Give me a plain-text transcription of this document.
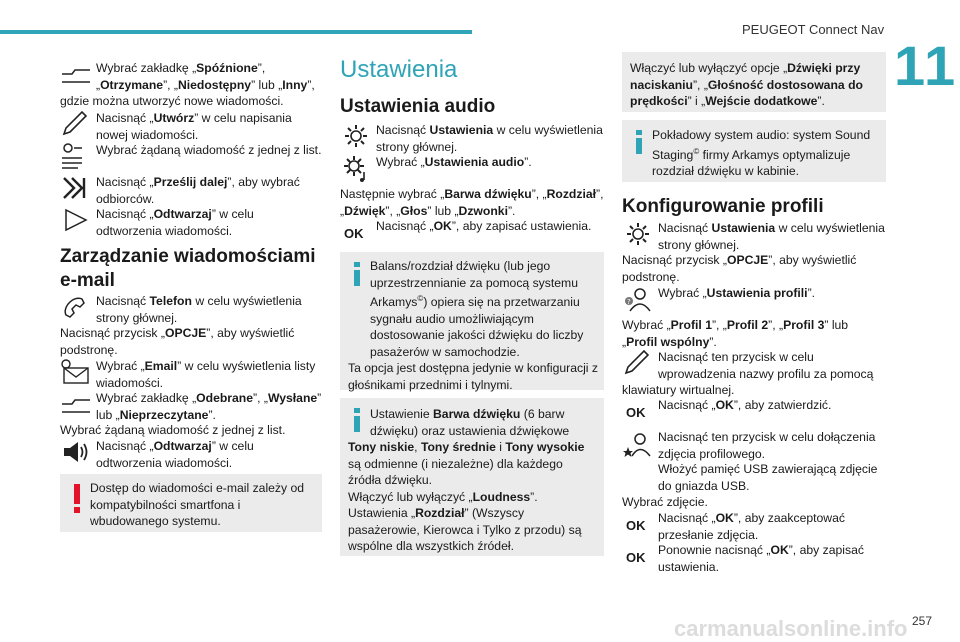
PEUGEOT Connect Nav
11
Wybrać zakładkę „Spóźnione”,
„Otrzymane”, „Niedostępny” lub „Inny”,
gdzie można utworzyć nowe wiadomości.
Nacisnąć „Utwórz” w celu napisania nowej wiadomości.
Wybrać żądaną wiadomość z jednej z list.
Nacisnąć „Prześlij dalej”, aby wybrać odbiorców.
Nacisnąć „Odtwarzaj” w celu odtworzenia wiadomości.
Zarządzanie wiadomościami e-mail
Nacisnąć Telefon w celu wyświetlenia strony głównej.
Nacisnąć przycisk „OPCJE”, aby wyświetlić podstronę.
Wybrać „Email” w celu wyświetlenia listy wiadomości.
Wybrać zakładkę „Odebrane”, „Wysłane” lub „Nieprzeczytane”.
Wybrać żądaną wiadomość z jednej z list.
Nacisnąć „Odtwarzaj” w celu odtworzenia wiadomości.
Dostęp do wiadomości e-mail zależy od kompatybilności smartfona i wbudowanego systemu.
Ustawienia
Ustawienia audio
Nacisnąć Ustawienia w celu wyświetlenia strony głównej.
Wybrać „Ustawienia audio”.
Następnie wybrać „Barwa dźwięku”, „Rozdział”, „Dźwięk”, „Głos” lub „Dzwonki”.
OK Nacisnąć „OK”, aby zapisać ustawienia.
Balans/rozdział dźwięku (lub jego uprzestrzennianie za pomocą systemu Arkamys©) opiera się na przetwarzaniu sygnału audio umożliwiającym dostosowanie jakości dźwięku do liczby pasażerów w samochodzie.
Ta opcja jest dostępna jedynie w konfiguracji z głośnikami przednimi i tylnymi.
Ustawienie Barwa dźwięku (6 barw dźwięku) oraz ustawienia dźwiękowe
Tony niskie, Tony średnie i Tony wysokie są odmienne (i niezależne) dla każdego źródła dźwięku.
Włączyć lub wyłączyć „Loudness”.
Ustawienia „Rozdział” (Wszyscy pasażerowie, Kierowca i Tylko z przodu) są wspólne dla wszystkich źródeł.
Włączyć lub wyłączyć opcje „Dźwięki przy naciskaniu”, „Głośność dostosowana do prędkości” i „Wejście dodatkowe”.
Pokładowy system audio: system Sound Staging© firmy Arkamys optymalizuje rozdział dźwięku w kabinie.
Konfigurowanie profili
Nacisnąć Ustawienia w celu wyświetlenia strony głównej.
Nacisnąć przycisk „OPCJE”, aby wyświetlić podstronę.
?
Wybrać „Ustawienia profili”.
Wybrać „Profil 1”, „Profil 2”, „Profil 3” lub „Profil wspólny”.
Nacisnąć ten przycisk w celu wprowadzenia nazwy profilu za pomocą
klawiatury wirtualnej.
OK Nacisnąć „OK”, aby zatwierdzić.
Nacisnąć ten przycisk w celu dołączenia zdjęcia profilowego.
Włożyć pamięć USB zawierającą zdjęcie do gniazda USB.
Wybrać zdjęcie.
OK Nacisnąć „OK”, aby zaakceptować przesłanie zdjęcia.
OK Ponownie nacisnąć „OK”, aby zapisać ustawienia.
carmanualsonline.info 257
